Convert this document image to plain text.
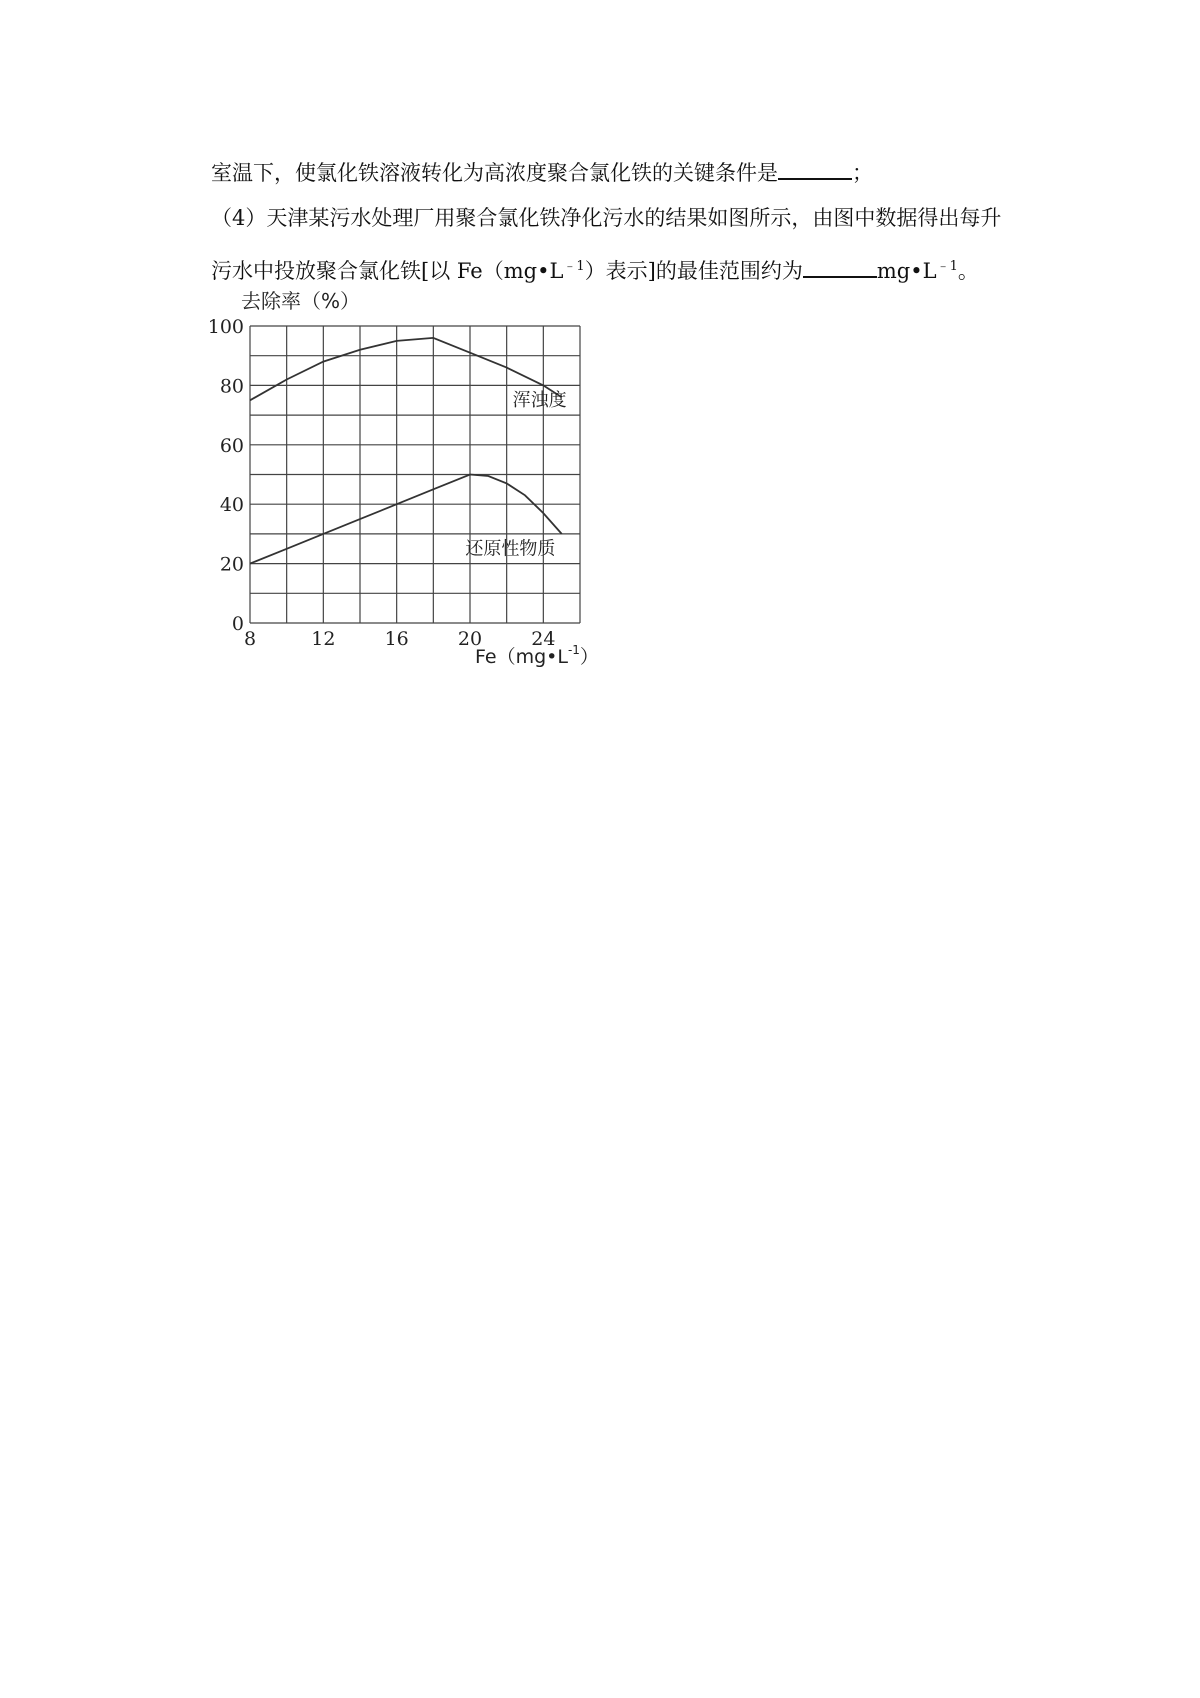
室温下，使氯化铁溶液转化为高浓度聚合氯化铁的关键条件是	；
（4）天津某污水处理厂用聚合氯化铁净化污水的结果如图所示，由图中数据得出每升
污水中投放聚合氯化铁[以 $Fe(mg•L^{﹣1})$表示]的最佳范围约为	$mg•L^{﹣1}$。
0
20
40
60
80
100
8	12	16	20	24
浑浊度
还原性物质
去除率（%）
$Fe(mg•L^{-1})$
